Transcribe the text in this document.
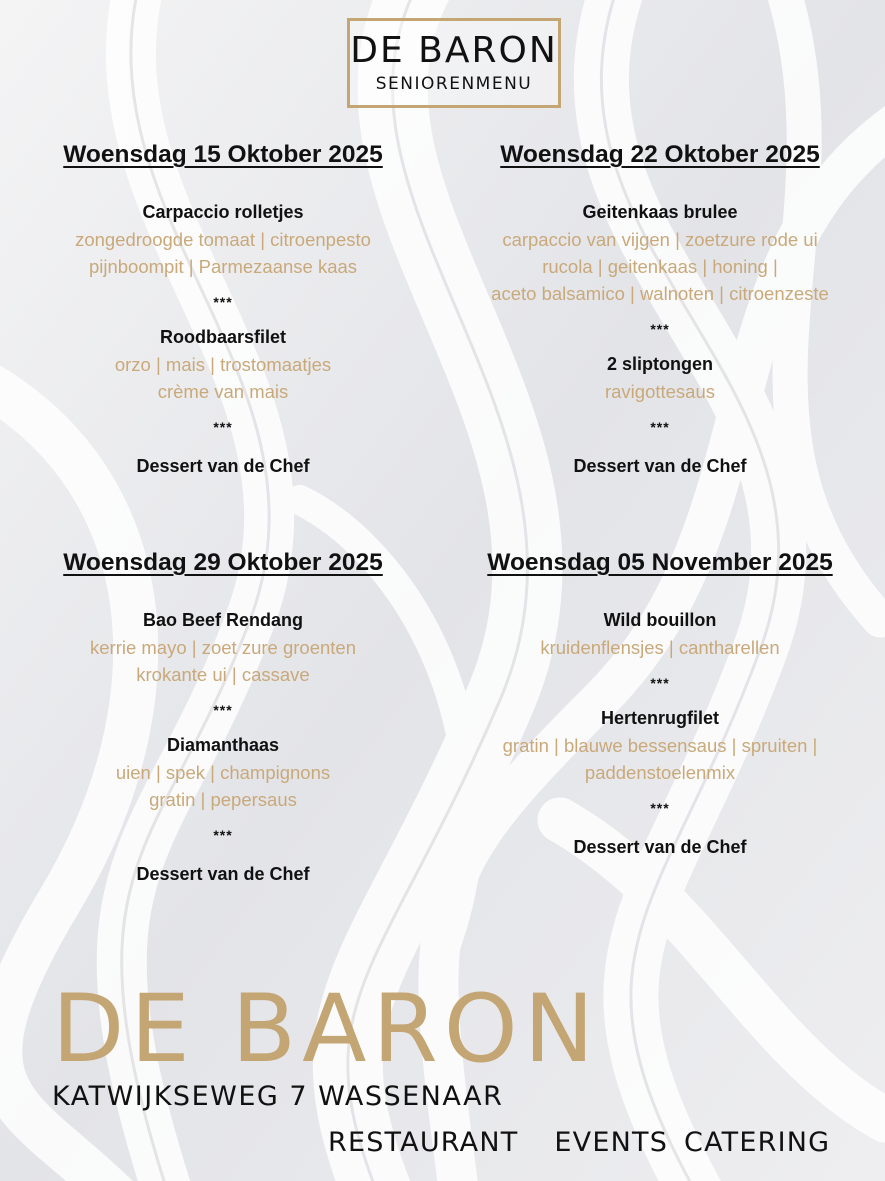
DE BARON
SENIORENMENU
Woensdag 15 Oktober 2025
Carpaccio rolletjes
zongedroogde tomaat | citroenpesto
pijnboompit | Parmezaanse kaas
***
Roodbaarsfilet
orzo | mais | trostomaatjes
crème van mais
***
Dessert van de Chef
Woensdag 22 Oktober 2025
Geitenkaas brulee
carpaccio van vijgen | zoetzure rode ui
rucola | geitenkaas | honing |
aceto balsamico | walnoten | citroenzeste
***
2 sliptongen
ravigottesaus
***
Dessert van de Chef
Woensdag 29 Oktober 2025
Bao Beef Rendang
kerrie mayo | zoet zure groenten
krokante ui | cassave
***
Diamanthaas
uien | spek | champignons
gratin | pepersaus
***
Dessert van de Chef
Woensdag 05 November 2025
Wild bouillon
kruidenflensjes | cantharellen
***
Hertenrugfilet
gratin | blauwe bessensaus | spruiten |
paddenstoelenmix
***
Dessert van de Chef
DE BARON
KATWIJKSEWEG 7 WASSENAAR
RESTAURANT EVENTS CATERING
